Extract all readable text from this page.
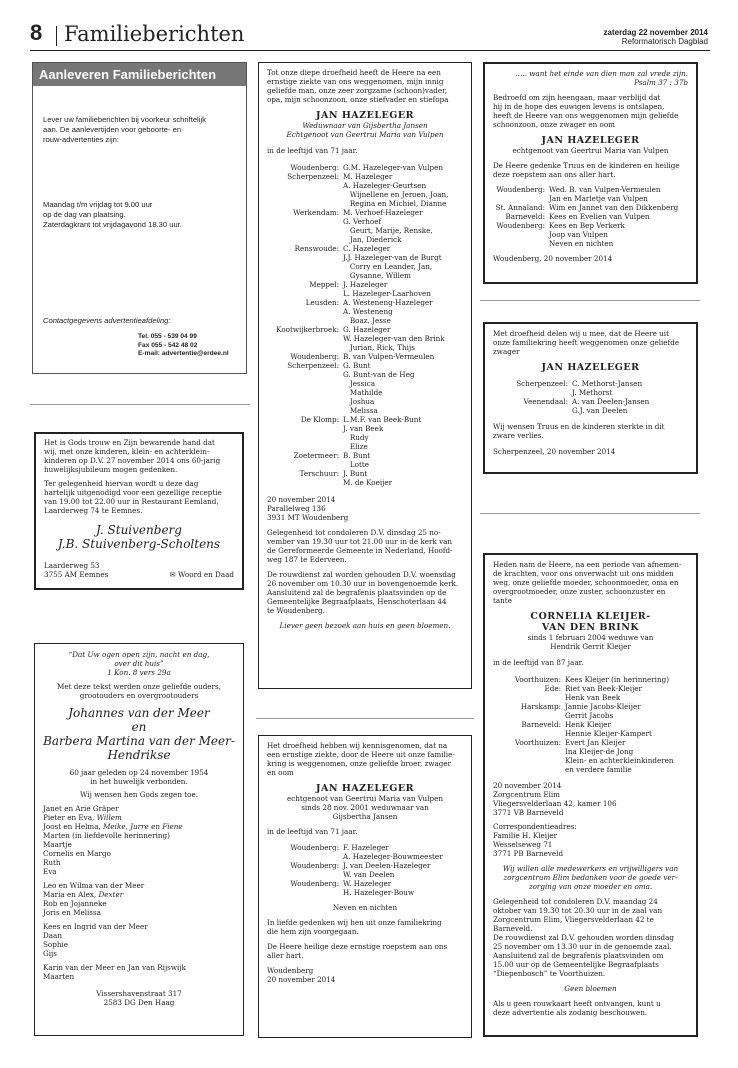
8 Familieberichten	zaterdag 22 november 2014
Reformatorisch Dagblad
Aanleveren Familieberichten
Lever uw familieberichten bij voorkeur schriftelijk
aan. De aanlevertijden voor geboorte- en
rouw-advertenties zijn:
Maandag t/m vrijdag tot 9.00 uur
op de dag van plaatsing.
Zaterdagkrant tot vrijdagavond 18.30 uur.
Contactgegevens advertentieafdeling:
Tel. 055 - 539 04 99
Fax 055 - 542 48 02
E-mail: advertentie@erdee.nl
Het is Gods trouw en Zijn bewarende hand dat
wij, met onze kinderen, klein- en achterklein-
kinderen op D.V. 27 november 2014 ons 60-jarig
huwelijksjubileum mogen gedenken.
Ter gelegenheid hiervan wordt u deze dag
hartelijk uitgenodigd voor een gezellige receptie
van 19.00 tot 22.00 uur in Restaurant Eemland,
Laarderweg 74 te Eemnes.
J. Stuivenberg
J.B. Stuivenberg-Scholtens
Laarderweg 53
3755 AM Eemnes	✉ Woord en Daad
“Dat Uw ogen open zijn, nacht en dag,
over dit huis”
1 Kon. 8 vers 29a
Met deze tekst werden onze geliefde ouders,
grootouders en overgrootouders
Johannes van der Meer
en
Barbera Martina van der Meer-
Hendrikse
60 jaar geleden op 24 november 1954
in het huwelijk verbonden.
Wij wensen hen Gods zegen toe.
Janet en Arie Gräper
Pieter en Eva, Willem
Joost en Helma, Meike, Jurre en Fiene
Marten (in liefdevolle herinnering)
Maartje
Cornelis en Margo
Ruth
Eva
Leo en Wilma van der Meer
Maria en Alex, Dexter
Rob en Jojanneke
Joris en Melissa
Kees en Ingrid van der Meer
Daan
Sophie
Gijs
Karin van der Meer en Jan van Rijswijk
Maarten
Vissershavenstraat 317
2583 DG Den Haag
Tot onze diepe droefheid heeft de Heere na een
ernstige ziekte van ons weggenomen, mijn innig
geliefde man, onze zeer zorgzame (schoon)vader,
opa, mijn schoonzoon, onze stiefvader en stiefopa
JAN HAZELEGER
Weduwnaar van Gijsbertha Jansen
Echtgenoot van Geertrui Maria van Vulpen
in de leeftijd van 71 jaar.
Woudenberg: G.M. Hazeleger-van Vulpen
Scherpenzeel: M. Hazeleger
A. Hazeleger-Geurtsen
Wijnellene en Jeroen, Joan,
Regina en Michiel, Dianne
Werkendam: M. Verhoef-Hazeleger
G. Verhoef
Geurt, Marije, Renske,
Jan, Diederick
Renswoude: C. Hazeleger
J.J. Hazeleger-van de Burgt
Corry en Leander, Jan,
Gysanne, Willem
Meppel: J. Hazeleger
L. Hazeleger-Laarhoven
Leusden: A. Westeneng-Hazeleger
A. Westeneng
Boaz, Jesse
Kootwijkerbroek: G. Hazeleger
W. Hazeleger-van den Brink
Jurian, Rick, Thijs
Woudenberg: B. van Vulpen-Vermeulen
Scherpenzeel: G. Bunt
G. Bunt-van de Heg
Jessica
Mathilde
Joshua
Melissa
De Klomp: L.M.F. van Beek-Bunt
J. van Beek
Rudy
Elize
Zoetermeer: B. Bunt
Lotte
Terschuur: J. Bunt
M. de Koeijer
20 november 2014
Parallelweg 136
3931 MT Woudenberg
Gelegenheid tot condoleren D.V. dinsdag 25 no-
vember van 19.30 uur tot 21.00 uur in de kerk van
de Gereformeerde Gemeente in Nederland, Hoofd-
weg 187 te Ederveen.
De rouwdienst zal worden gehouden D.V. woensdag
26 november om 10.30 uur in bovengenoemde kerk.
Aansluitend zal de begrafenis plaatsvinden op de
Gemeentelijke Begraafplaats, Henschoterlaan 44
te Woudenberg.
Liever geen bezoek aan huis en geen bloemen.
Het droefheid hebben wij kennisgenomen, dat na
een ernstige ziekte, door de Heere uit onze familie-
kring is weggenomen, onze geliefde broer, zwager
en oom
JAN HAZELEGER
echtgenoot van Geertrui Maria van Vulpen
sinds 28 nov. 2001 weduwnaar van
Gijsbertha Jansen
in de leeftijd van 71 jaar.
Woudenberg: F. Hazeleger
A. Hazeleger-Bouwmeester
Woudenberg: J. van Deelen-Hazeleger
W. van Deelen
Woudenberg: W. Hazeleger
H. Hazeleger-Bouw
Neven en nichten
In liefde gedenken wij hen uit onze familiekring
die hem zijn voorgegaan.
De Heere heilige deze ernstige roepstem aan ons
aller hart.
Woudenberg
20 november 2014
….. want het einde van dien man zal vrede zijn.
Psalm 37 : 37b
Bedroefd om zijn heengaan, maar verblijd dat
hij in de hope des euwigen levens is ontslapen,
heeft de Heere van ons weggenomen mijn geliefde
schoonzoon, onze zwager en oom
JAN HAZELEGER
echtgenoot van Geertrui Maria van Vulpen
De Heere gedenke Truus en de kinderen en heilige
deze roepstem aan ons aller hart.
Woudenberg: Wed. B. van Vulpen-Vermeulen
Jan en Marletje van Vulpen
St. Annaland: Wim en Jannet van den Dikkenberg
Barneveld: Kees en Evelien van Vulpen
Woudenberg: Kees en Bep Verkerk
Joop van Vulpen
Neven en nichten
Woudenberg, 20 november 2014
Met droefheid delen wij u mee, dat de Heere uit
onze familiekring heeft weggenomen onze geliefde
zwager
JAN HAZELEGER
Scherpenzeel: C. Methorst-Jansen
J. Methorst
Veenendaal: A. van Deelen-Jansen
G.J. van Deelen
Wij wensen Truus en de kinderen sterkte in dit
zware verlies.
Scherpenzeel, 20 november 2014
Heden nam de Heere, na een periode van afnemen-
de krachten, voor ons onverwacht uit ons midden
weg, onze geliefde moeder, schoonmoeder, oma en
overgrootmoeder, onze zuster, schoonzuster en
tante
CORNELIA KLEIJER-
VAN DEN BRINK
sinds 1 februari 2004 weduwe van
Hendrik Gerrit Kleijer
in de leeftijd van 87 jaar.
Voorthuizen: Kees Kleijer (in herinnering)
Ede: Riet van Beek-Kleijer
Henk van Beek
Harskamp: Jannie Jacobs-Kleijer
Gerrit Jacobs
Barneveld: Henk Kleijer
Hennie Kleijer-Kampert
Voorthuizen: Evert Jan Kleijer
Ina Kleijer-de Jong
Klein- en achterkleinkinderen
en verdere familie
20 november 2014
Zorgcentrum Elim
Vliegersvelderlaan 42, kamer 106
3771 VB Barneveld
Correspondentieadres:
Familie H. Kleijer
Wesselseweg 71
3771 PB Barneveld
Wij willen alle medewerkers en vrijwilligers van
zorgcentrum Elim bedanken voor de goede ver-
zorging van onze moeder en oma.
Gelegenheid tot condoleren D.V. maandag 24
oktober van 19.30 tot 20.30 uur in de zaal van
Zorgcentrum Elim, Vliegersvelderlaan 42 te
Barneveld.
De rouwdienst zal D.V. gehouden worden dinsdag
25 november om 13.30 uur in de genoemde zaal.
Aansluitend zal de begrafenis plaatsvinden om
15.00 uur op de Gemeentelijke Begraafplaats
“Diepenbosch” te Voorthuizen.
Geen bloemen
Als u geen rouwkaart heeft ontvangen, kunt u
deze advertentie als zodanig beschouwen.
